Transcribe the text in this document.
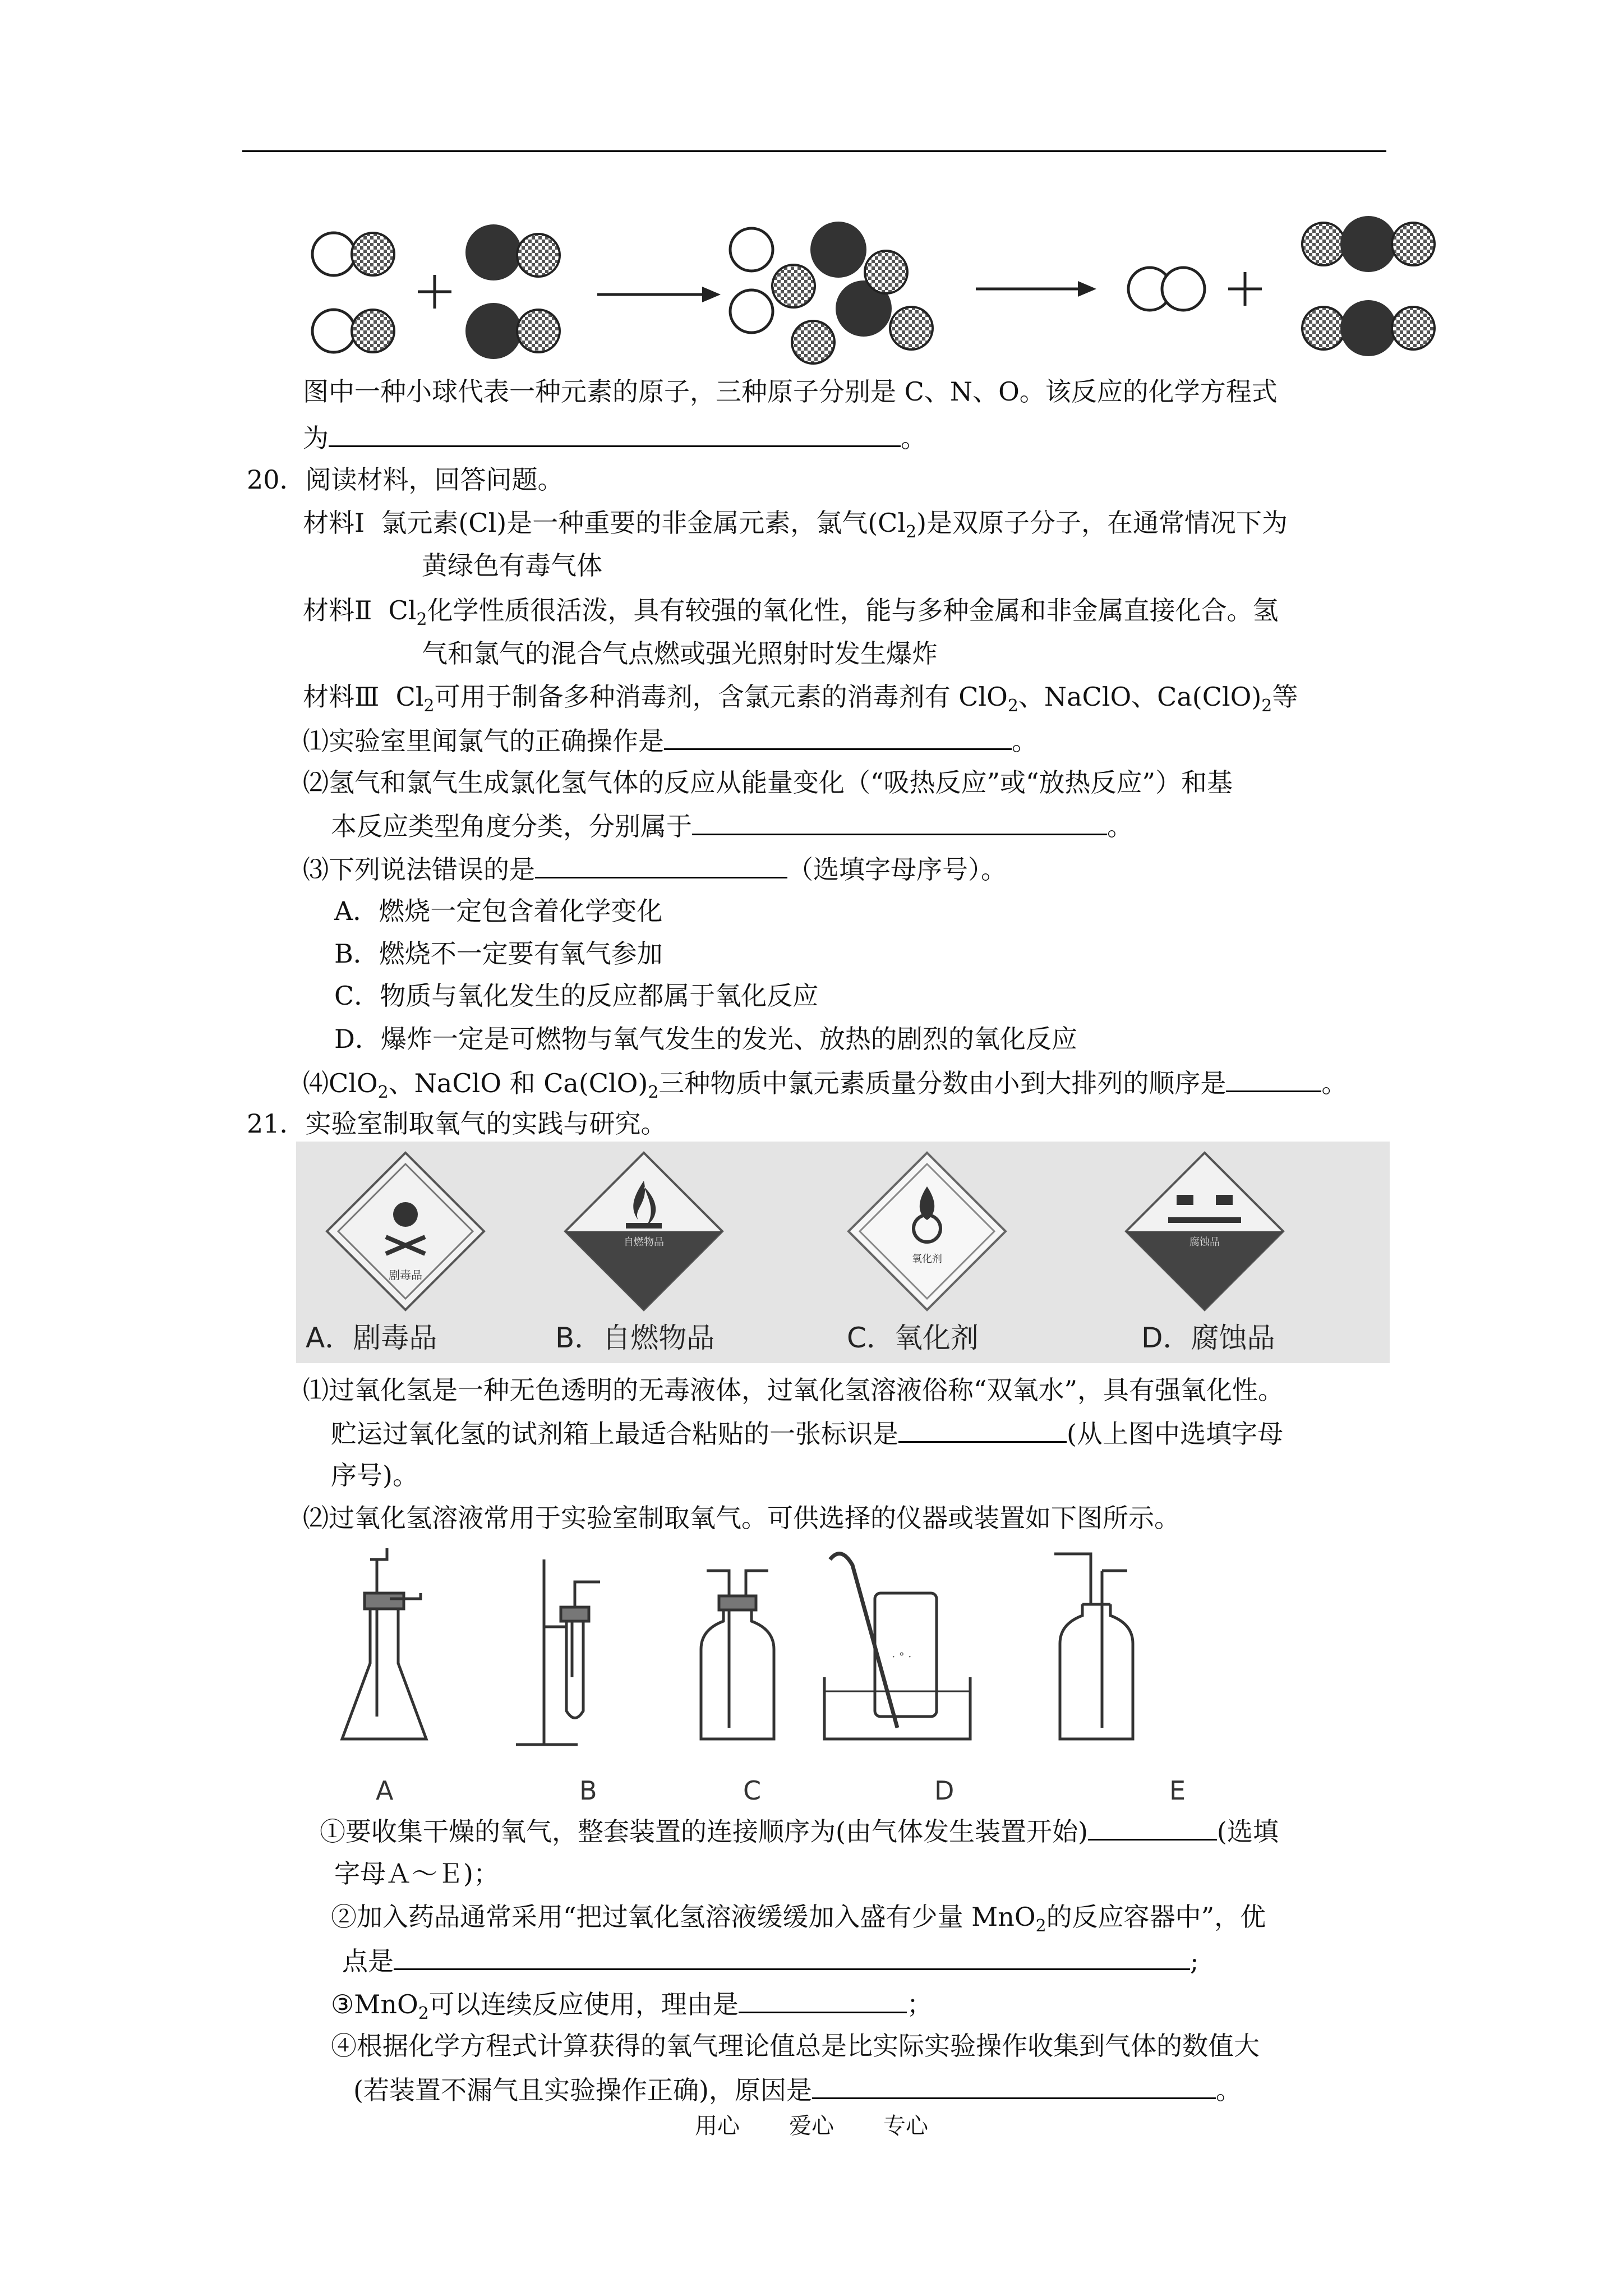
图中一种小球代表一种元素的原子，三种原子分别是 C、N、O。该反应的化学方程式
为	。
20．阅读材料，回答问题。
材料Ⅰ 氯元素(Cl)是一种重要的非金属元素，氯气$(Cl_2)$是双原子分子，在通常情况下为
黄绿色有毒气体
材料Ⅱ $Cl_2$化学性质很活泼，具有较强的氧化性，能与多种金属和非金属直接化合。氢
气和氯气的混合气点燃或强光照射时发生爆炸
材料Ⅲ $Cl_2$可用于制备多种消毒剂，含氯元素的消毒剂有 ClO$_2$、NaClO、$Ca(ClO)_2$等
⑴实验室里闻氯气的正确操作是	。
⑵氢气和氯气生成氯化氢气体的反应从能量变化（“吸热反应”或“放热反应”）和基
本反应类型角度分类，分别属于	。
⑶下列说法错误的是	（选填字母序号）。
A．燃烧一定包含着化学变化
B．燃烧不一定要有氧气参加
C．物质与氧化发生的反应都属于氧化反应
D．爆炸一定是可燃物与氧气发生的发光、放热的剧烈的氧化反应
⑷ClO$_2$、NaClO 和 $Ca(ClO)_2$三种物质中氯元素质量分数由小到大排列的顺序是	。
21．实验室制取氧气的实践与研究。
剧毒品
自燃物品
氧化剂
腐蚀品
A．剧毒品	B．自燃物品	C．氧化剂	D．腐蚀品
⑴过氧化氢是一种无色透明的无毒液体，过氧化氢溶液俗称“双氧水”，具有强氧化性。
贮运过氧化氢的试剂箱上最适合粘贴的一张标识是	(从上图中选填字母
序号)。
⑵过氧化氢溶液常用于实验室制取氧气。可供选择的仪器或装置如下图所示。
· ° ·
A	B	C	D	E
①要收集干燥的氧气，整套装置的连接顺序为(由气体发生装置开始)	(选填
字母Ａ～Ｅ)；
②加入药品通常采用“把过氧化氢溶液缓缓加入盛有少量 MnO$_2$的反应容器中”，优
点是	;
③MnO$_2$可以连续反应使用，理由是	；
④根据化学方程式计算获得的氧气理论值总是比实际实验操作收集到气体的数值大
(若装置不漏气且实验操作正确)，原因是	。
用心 爱心 专心
